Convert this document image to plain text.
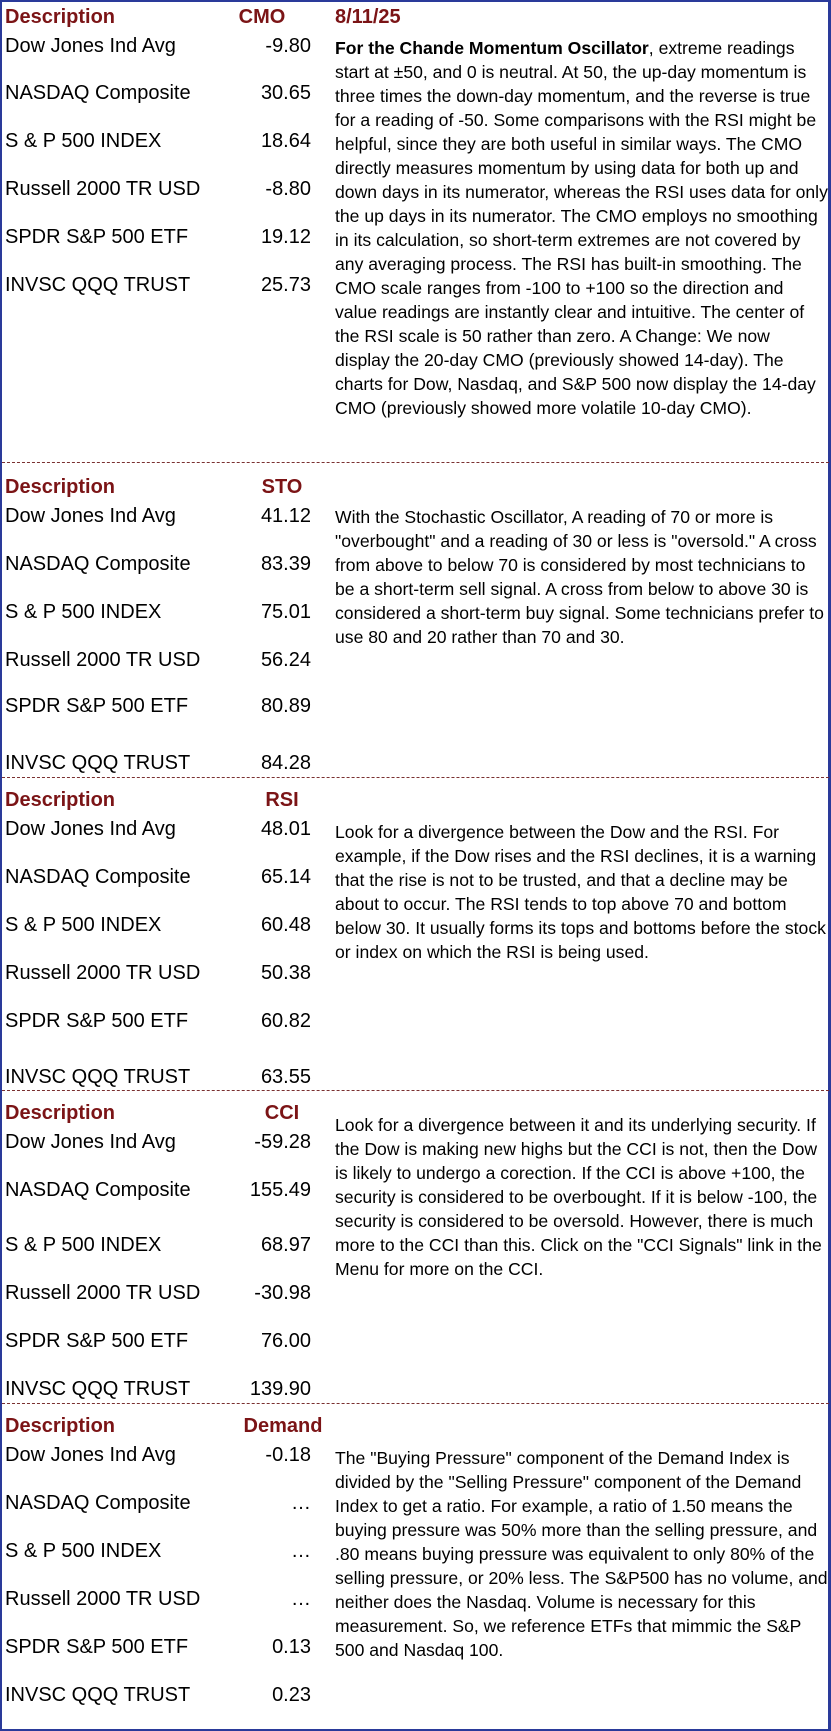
Description	CMO	8/11/25
Dow Jones Ind Avg	-9.80
NASDAQ Composite	30.65
S & P 500 INDEX	18.64
Russell 2000 TR USD	-8.80
SPDR S&P 500 ETF	19.12
INVSC QQQ TRUST	25.73
For the Chande Momentum Oscillator, extreme readings start at ±50, and 0 is neutral. At 50, the up-day momentum is three times the down-day momentum, and the reverse is true for a reading of -50. Some comparisons with the RSI might be helpful, since they are both useful in similar ways. The CMO directly measures momentum by using data for both up and down days in its numerator, whereas the RSI uses data for only the up days in its numerator. The CMO employs no smoothing in its calculation, so short-term extremes are not covered by any averaging process. The RSI has built-in smoothing. The CMO scale ranges from -100 to +100 so the direction and value readings are instantly clear and intuitive. The center of the RSI scale is 50 rather than zero. A Change: We now display the 20-day CMO (previously showed 14-day). The charts for Dow, Nasdaq, and S&P 500 now display the 14-day CMO (previously showed more volatile 10-day CMO).
Description	STO
Dow Jones Ind Avg	41.12
NASDAQ Composite	83.39
S & P 500 INDEX	75.01
Russell 2000 TR USD	56.24
SPDR S&P 500 ETF	80.89
INVSC QQQ TRUST	84.28
With the Stochastic Oscillator, A reading of 70 or more is "overbought" and a reading of 30 or less is "oversold." A cross from above to below 70 is considered by most technicians to be a short-term sell signal. A cross from below to above 30 is considered a short-term buy signal. Some technicians prefer to use 80 and 20 rather than 70 and 30.
Description	RSI
Dow Jones Ind Avg	48.01
NASDAQ Composite	65.14
S & P 500 INDEX	60.48
Russell 2000 TR USD	50.38
SPDR S&P 500 ETF	60.82
INVSC QQQ TRUST	63.55
Look for a divergence between the Dow and the RSI. For example, if the Dow rises and the RSI declines, it is a warning that the rise is not to be trusted, and that a decline may be about to occur. The RSI tends to top above 70 and bottom below 30. It usually forms its tops and bottoms before the stock or index on which the RSI is being used.
Description	CCI
Dow Jones Ind Avg	-59.28
NASDAQ Composite	155.49
S & P 500 INDEX	68.97
Russell 2000 TR USD	-30.98
SPDR S&P 500 ETF	76.00
INVSC QQQ TRUST	139.90
Look for a divergence between it and its underlying security. If the Dow is making new highs but the CCI is not, then the Dow is likely to undergo a corection. If the CCI is above +100, the security is considered to be overbought. If it is below -100, the security is considered to be oversold. However, there is much more to the CCI than this. Click on the "CCI Signals" link in the Menu for more on the CCI.
Description	Demand
Dow Jones Ind Avg	-0.18
NASDAQ Composite	…
S & P 500 INDEX	…
Russell 2000 TR USD	…
SPDR S&P 500 ETF	0.13
INVSC QQQ TRUST	0.23
The "Buying Pressure" component of the Demand Index is divided by the "Selling Pressure" component of the Demand Index to get a ratio. For example, a ratio of 1.50 means the buying pressure was 50% more than the selling pressure, and .80 means buying pressure was equivalent to only 80% of the selling pressure, or 20% less. The S&P500 has no volume, and neither does the Nasdaq. Volume is necessary for this measurement. So, we reference ETFs that mimmic the S&P 500 and Nasdaq 100.
